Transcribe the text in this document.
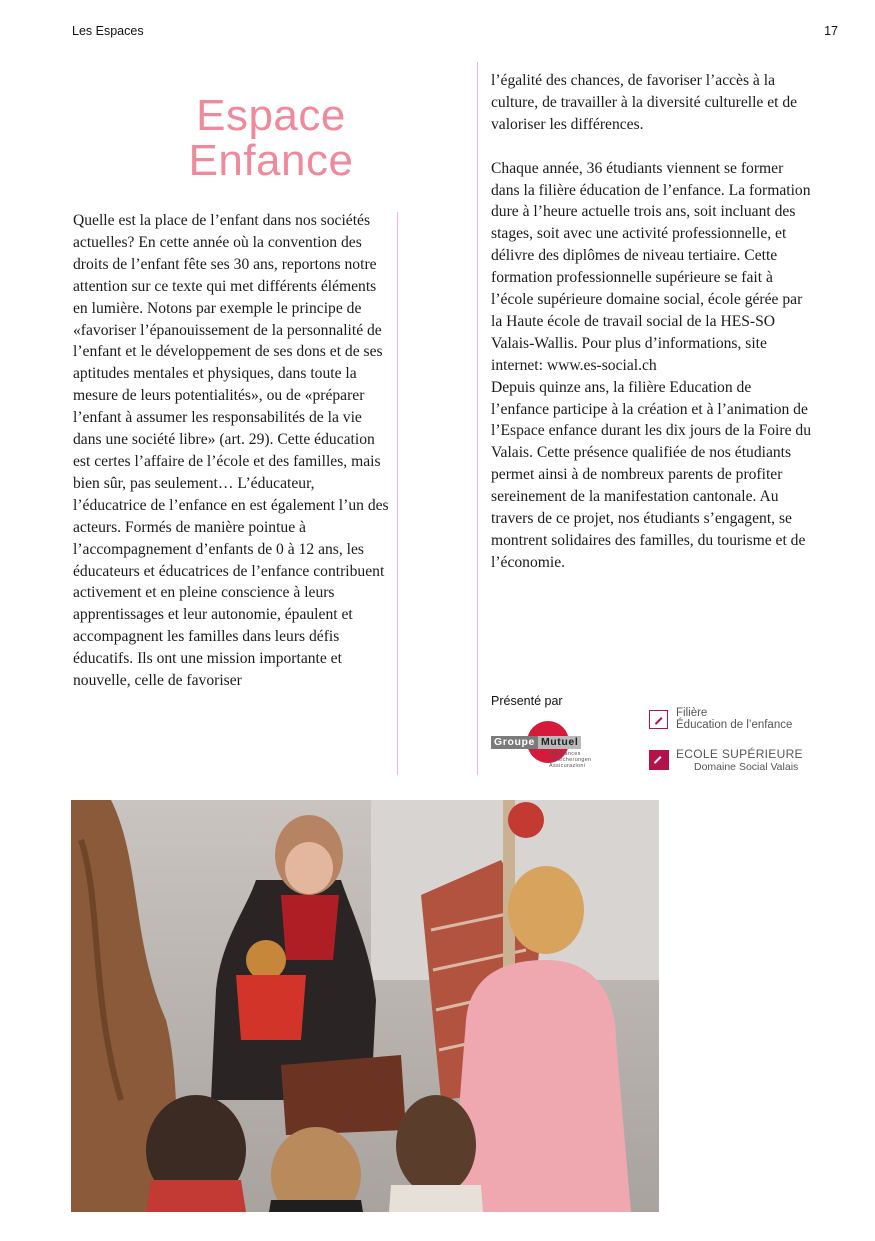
Les Espaces	17
Espace
Enfance

Quelle est la place de l’enfant dans nos sociétés actuelles? En cette année où la convention des droits de l’enfant fête ses 30 ans, reportons notre attention sur ce texte qui met différents éléments en lumière. Notons par exemple le principe de «favoriser l’épanouissement de la personnalité de l’enfant et le développement de ses dons et de ses aptitudes mentales et physiques, dans toute la mesure de leurs potentialités», ou de «préparer l’enfant à assumer les responsabilités de la vie dans une société libre» (art. 29). Cette éducation est certes l’affaire de l’école et des familles, mais bien sûr, pas seulement… L’éducateur, l’éducatrice de l’enfance en est également l’un des acteurs. Formés de manière pointue à l’accompagnement d’enfants de 0 à 12 ans, les éducateurs et éducatrices de l’enfance contribuent activement et en pleine conscience à leurs apprentissages et leur autonomie, épaulent et accompagnent les familles dans leurs défis éducatifs. Ils ont une mission importante et nouvelle, celle de favoriser

l’égalité des chances, de favoriser l’accès à la culture, de travailler à la diversité culturelle et de valoriser les différences.

Chaque année, 36 étudiants viennent se former dans la filière éducation de l’enfance. La formation dure à l’heure actuelle trois ans, soit incluant des stages, soit avec une activité professionnelle, et délivre des diplômes de niveau tertiaire. Cette formation professionnelle supérieure se fait à l’école supérieure domaine social, école gérée par la Haute école de travail social de la HES-SO Valais-Wallis. Pour plus d’informations, site internet: www.es-social.ch

Depuis quinze ans, la filière Education de l’enfance participe à la création et à l’animation de l’Espace enfance durant les dix jours de la Foire du Valais. Cette présence qualifiée de nos étudiants permet ainsi à de nombreux parents de profiter sereinement de la manifestation cantonale. Au travers de ce projet, nos étudiants s’engagent, se montrent solidaires des familles, du tourisme et de l’économie.

Présenté par
Groupe Mutuel
Assurances
Versicherungen
Assicurazioni
Filière
Éducation de l’enfance
ECOLE SUPÉRIEURE
Domaine Social Valais
